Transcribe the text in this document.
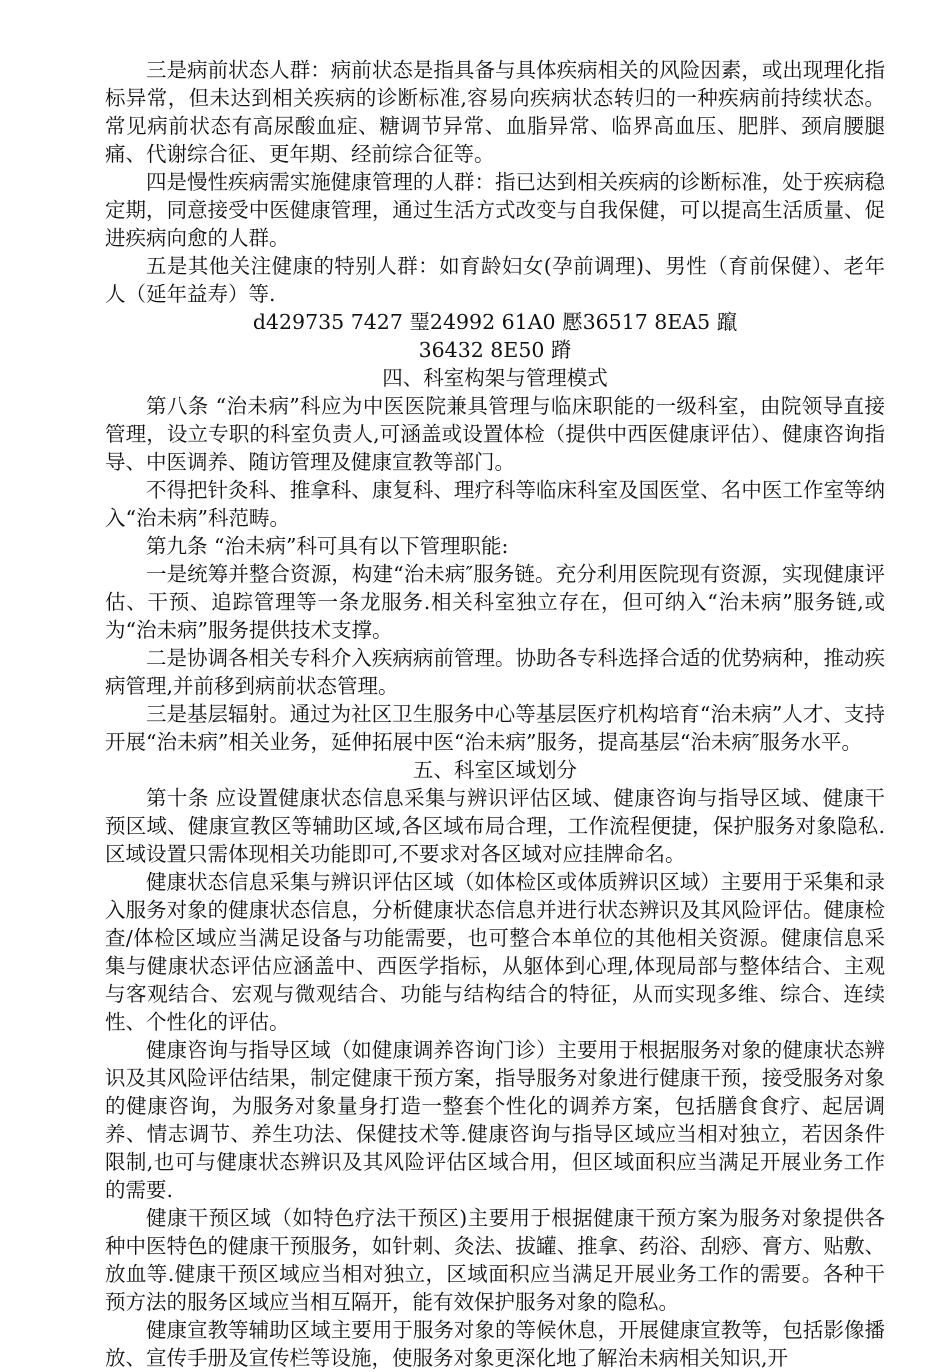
三是病前状态人群：病前状态是指具备与具体疾病相关的风险因素，或出现理化指标异常，但未达到相关疾病的诊断标准,容易向疾病状态转归的一种疾病前持续状态。常见病前状态有高尿酸血症、糖调节异常、血脂异常、临界高血压、肥胖、颈肩腰腿痛、代谢综合征、更年期、经前综合征等。

四是慢性疾病需实施健康管理的人群：指已达到相关疾病的诊断标准，处于疾病稳定期，同意接受中医健康管理，通过生活方式改变与自我保健，可以提高生活质量、促进疾病向愈的人群。

五是其他关注健康的特别人群：如育龄妇女(孕前调理)、男性（育前保健）、老年人（延年益寿）等.

d429735 7427 琧24992 61A0 懕36517 8EA5 躥

36432 8E50 蹐

四、科室构架与管理模式

第八条 “治未病”科应为中医医院兼具管理与临床职能的一级科室，由院领导直接管理，设立专职的科室负责人,可涵盖或设置体检（提供中西医健康评估）、健康咨询指导、中医调养、随访管理及健康宣教等部门。

不得把针灸科、推拿科、康复科、理疗科等临床科室及国医堂、名中医工作室等纳入“治未病”科范畴。

第九条 “治未病”科可具有以下管理职能:

一是统筹并整合资源，构建“治未病″服务链。充分利用医院现有资源，实现健康评估、干预、追踪管理等一条龙服务.相关科室独立存在，但可纳入“治未病”服务链,或为“治未病”服务提供技术支撑。

二是协调各相关专科介入疾病病前管理。协助各专科选择合适的优势病种，推动疾病管理,并前移到病前状态管理。

三是基层辐射。通过为社区卫生服务中心等基层医疗机构培育“治未病”人才、支持开展“治未病”相关业务，延伸拓展中医“治未病”服务，提高基层“治未病″服务水平。

五、科室区域划分

第十条 应设置健康状态信息采集与辨识评估区域、健康咨询与指导区域、健康干预区域、健康宣教区等辅助区域,各区域布局合理，工作流程便捷，保护服务对象隐私.区域设置只需体现相关功能即可,不要求对各区域对应挂牌命名。

健康状态信息采集与辨识评估区域（如体检区或体质辨识区域）主要用于采集和录入服务对象的健康状态信息，分析健康状态信息并进行状态辨识及其风险评估。健康检查/体检区域应当满足设备与功能需要，也可整合本单位的其他相关资源。健康信息采集与健康状态评估应涵盖中、西医学指标，从躯体到心理,体现局部与整体结合、主观与客观结合、宏观与微观结合、功能与结构结合的特征，从而实现多维、综合、连续性、个性化的评估。

健康咨询与指导区域（如健康调养咨询门诊）主要用于根据服务对象的健康状态辨识及其风险评估结果，制定健康干预方案，指导服务对象进行健康干预，接受服务对象的健康咨询，为服务对象量身打造一整套个性化的调养方案，包括膳食食疗、起居调养、情志调节、养生功法、保健技术等.健康咨询与指导区域应当相对独立，若因条件限制,也可与健康状态辨识及其风险评估区域合用，但区域面积应当满足开展业务工作的需要.

健康干预区域（如特色疗法干预区)主要用于根据健康干预方案为服务对象提供各种中医特色的健康干预服务，如针刺、灸法、拔罐、推拿、药浴、刮痧、膏方、贴敷、放血等.健康干预区域应当相对独立，区域面积应当满足开展业务工作的需要。各种干预方法的服务区域应当相互隔开，能有效保护服务对象的隐私。

健康宣教等辅助区域主要用于服务对象的等候休息，开展健康宣教等，包括影像播放、宣传手册及宣传栏等设施，使服务对象更深化地了解治未病相关知识,开
